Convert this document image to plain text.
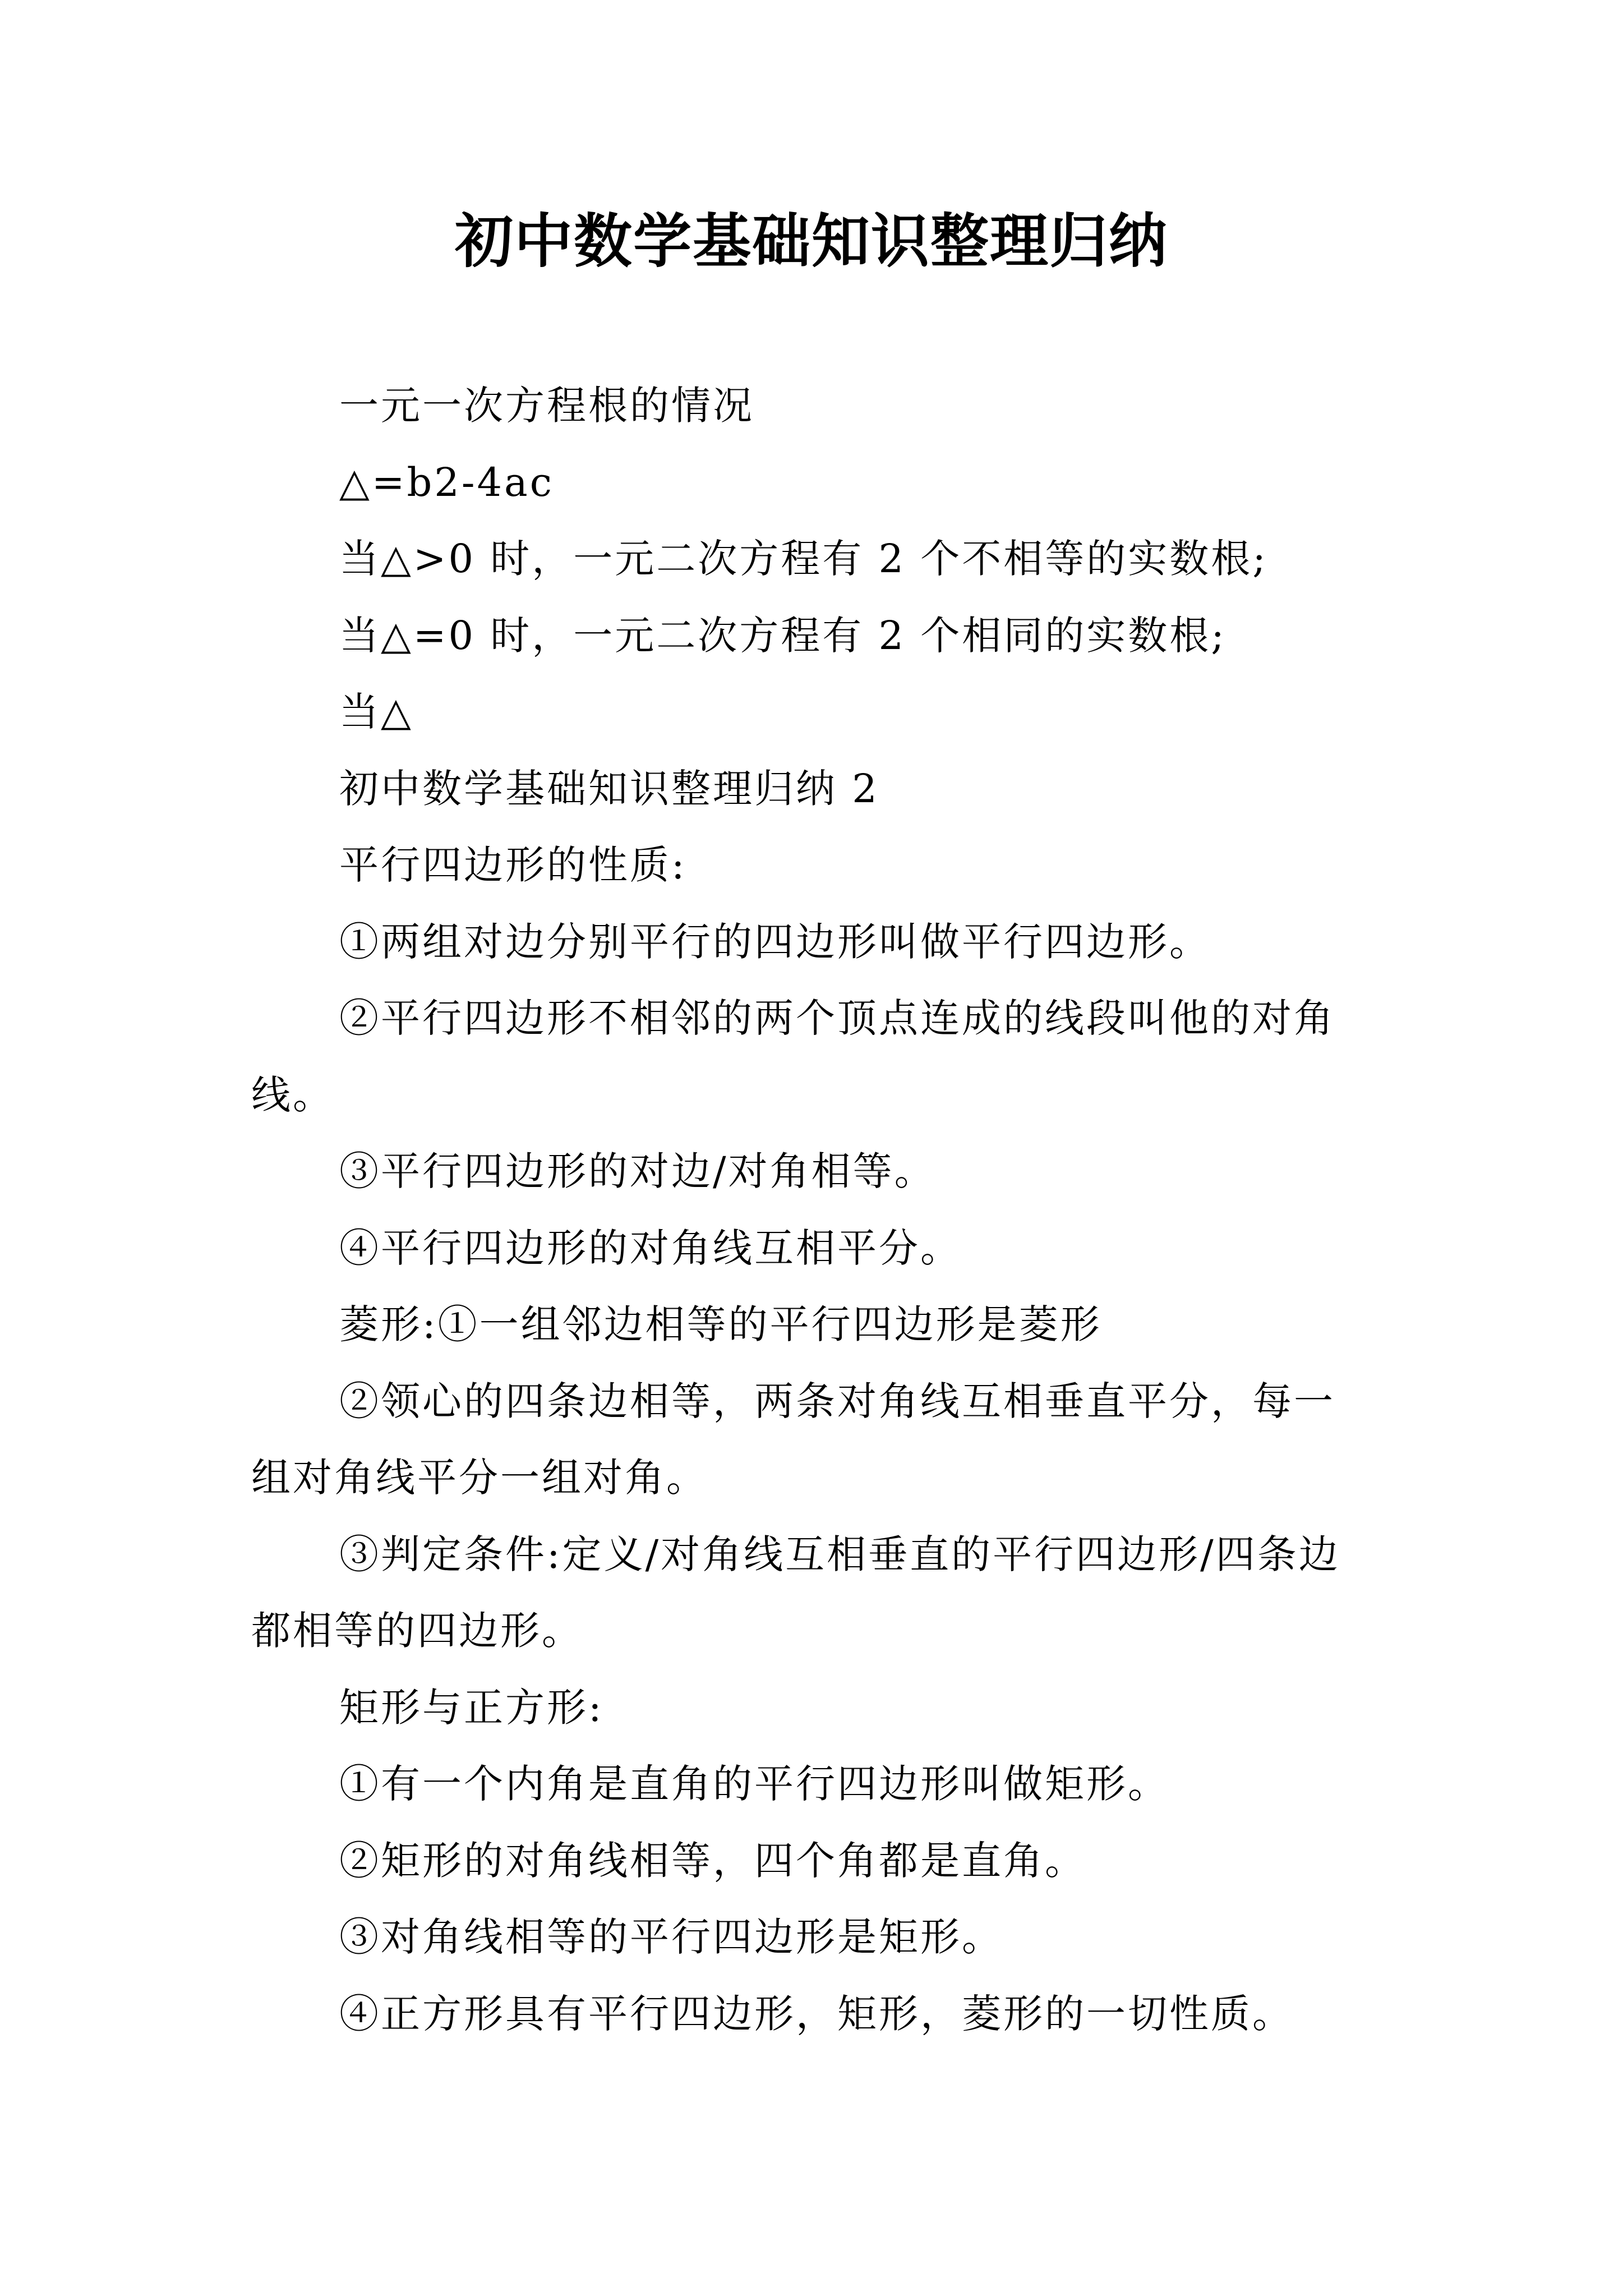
初中数学基础知识整理归纳

一元一次方程根的情况

△=b2-4ac

当△>0 时，一元二次方程有 2 个不相等的实数根;

当△=0 时，一元二次方程有 2 个相同的实数根;

当△

初中数学基础知识整理归纳 2

平行四边形的性质:

①两组对边分别平行的四边形叫做平行四边形。

②平行四边形不相邻的两个顶点连成的线段叫他的对角线。

③平行四边形的对边/对角相等。

④平行四边形的对角线互相平分。

菱形:①一组邻边相等的平行四边形是菱形

②领心的四条边相等，两条对角线互相垂直平分，每一组对角线平分一组对角。

③判定条件:定义/对角线互相垂直的平行四边形/四条边都相等的四边形。

矩形与正方形:

①有一个内角是直角的平行四边形叫做矩形。

②矩形的对角线相等，四个角都是直角。

③对角线相等的平行四边形是矩形。

④正方形具有平行四边形，矩形，菱形的一切性质。
